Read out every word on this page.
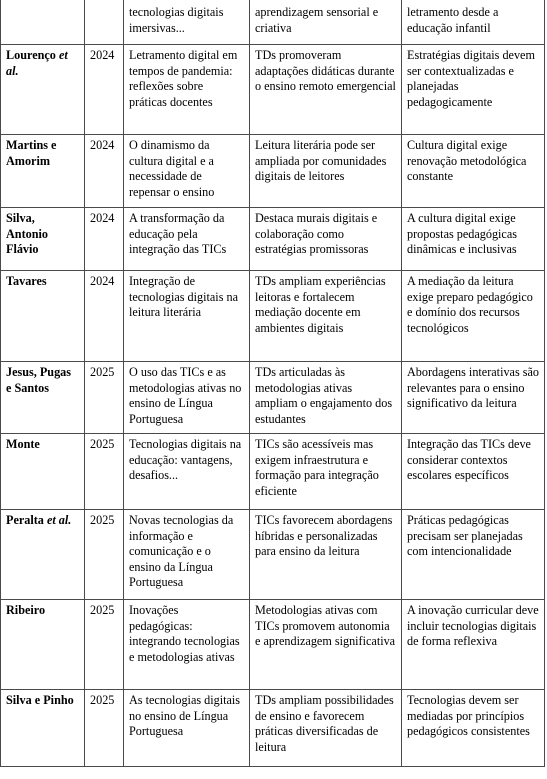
		tecnologias digitais imersivas...	aprendizagem sensorial e criativa	letramento desde a educação infantil
Lourenço et al.	2024	Letramento digital em tempos de pandemia: reflexões sobre práticas docentes	TDs promoveram adaptações didáticas durante o ensino remoto emergencial	Estratégias digitais devem ser contextualizadas e planejadas pedagogicamente
Martins e Amorim	2024	O dinamismo da cultura digital e a necessidade de repensar o ensino	Leitura literária pode ser ampliada por comunidades digitais de leitores	Cultura digital exige renovação metodológica constante
Silva, Antonio Flávio	2024	A transformação da educação pela integração das TICs	Destaca murais digitais e colaboração como estratégias promissoras	A cultura digital exige propostas pedagógicas dinâmicas e inclusivas
Tavares	2024	Integração de tecnologias digitais na leitura literária	TDs ampliam experiências leitoras e fortalecem mediação docente em ambientes digitais	A mediação da leitura exige preparo pedagógico e domínio dos recursos tecnológicos
Jesus, Pugas e Santos	2025	O uso das TICs e as metodologias ativas no ensino de Língua Portuguesa	TDs articuladas às metodologias ativas ampliam o engajamento dos estudantes	Abordagens interativas são relevantes para o ensino significativo da leitura
Monte	2025	Tecnologias digitais na educação: vantagens, desafios...	TICs são acessíveis mas exigem infraestrutura e formação para integração eficiente	Integração das TICs deve considerar contextos escolares específicos
Peralta et al.	2025	Novas tecnologias da informação e comunicação e o ensino da Língua Portuguesa	TICs favorecem abordagens híbridas e personalizadas para ensino da leitura	Práticas pedagógicas precisam ser planejadas com intencionalidade
Ribeiro	2025	Inovações pedagógicas: integrando tecnologias e metodologias ativas	Metodologias ativas com TICs promovem autonomia e aprendizagem significativa	A inovação curricular deve incluir tecnologias digitais de forma reflexiva
Silva e Pinho	2025	As tecnologias digitais no ensino de Língua Portuguesa	TDs ampliam possibilidades de ensino e favorecem práticas diversificadas de leitura	Tecnologias devem ser mediadas por princípios pedagógicos consistentes
